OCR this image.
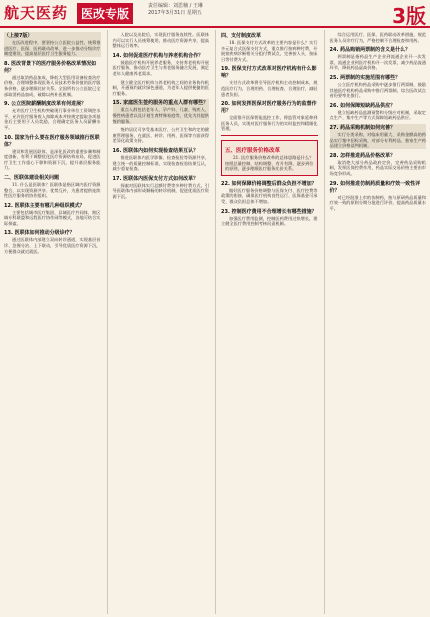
航天医药	医改专版
责任编辑：刘思楠 / 王琳
2017年3月31日 星期五	3版
（上接7版）

在医改进程中，要坚持公立医院公益性，统筹推进医疗、医保、医药联动改革，进一步推动分级诊疗制度建设，提高基层医疗卫生服务能力。

8. 医改背景下的医疗服务价格改革情况如何？

通过取消药品加成，降低大型医用设备检查治疗价格，合理调整体现医务人员技术劳务价值的医疗服务价格，逐步理顺比价关系。全国所有公立医院已全部取消药品加成，破除以药补医机制。

9. 公立医院薪酬制度改革有何进展？

允许医疗卫生机构突破现行事业单位工资调控水平，允许医疗服务收入扣除成本并按规定提取各项基金后主要用于人员奖励，合理确定医务人员薪酬水平。

10. 国家为什么要在医疗服务领域推行医联体？

建设和发展医联体，是深化医改的重要步骤和制度创新，有利于调整优化医疗资源结构布局，促进医疗卫生工作重心下移和资源下沉，提升基层服务能力。

二、医联体建设相关问题

11. 什么是医联体？医联体是指区域内医疗资源整合，以实现资源共享、优势互补，为患者提供连续性医疗服务的协作组织。

12. 医联体主要有哪几种组织模式？

主要包括城市医疗集团、县域医疗共同体、跨区域专科联盟和远程医疗协作网等模式，各地可结合实际探索。

13. 医联体如何推动分级诊疗？

通过医联体内部建立双向转诊通道，实现基层首诊、急慢分治、上下联动，引导优质医疗资源下沉，方便群众就近就医。

入院以及出院后，实现医疗服务连续性。医联体内可以实行人员统筹使用，推动医疗资源共享，提高整体运行效率。

14. 如何促进医疗机构与养老机构合作？

鼓励医疗机构开展养老服务，支持养老机构开展医疗服务，推动医疗卫生与养老服务融合发展，满足老年人健康养老需求。

建立健全医疗机构与养老机构之间的业务协作机制，开通预约就诊绿色通道，为老年人提供便捷的医疗服务。

15. 家庭医生签约服务的重点人群有哪些？

重点人群包括老年人、孕产妇、儿童、残疾人、慢性病患者以及计划生育特殊家庭等，优先为其提供签约服务。

签约居民可享受基本医疗、公共卫生和约定的健康管理服务，在就医、转诊、用药、医保等方面获得差异化政策支持。

16. 医联体内如何实现检查结果互认？

推进医联体内医学影像、检查检验等资源共享，建立统一的质量控制标准，实现检查检验结果互认，减少重复检查。

17. 医联体内医保支付方式如何改革？

探索对医联体实行总额付费等多种付费方式，引导医联体内部形成顺畅的转诊机制，促进优质医疗资源下沉。

四、支付制度改革

18. 医保支付方式改革的主要内容是什么？实行多元复合式医保支付方式，重点推行按病种付费，开展按疾病诊断相关分组付费试点，完善按人头、按床日等付费方式。

19. 医保支付方式改革对医疗机构有什么影响？

支付方式改革将引导医疗机构主动控制成本，规范医疗行为，合理用药、合理检查、合理治疗，减轻患者负担。

20. 如何发挥医保对医疗服务行为的监督作用？

全面推开医保智能监控工作，将监管对象延伸到医务人员，实现对医疗服务行为的实时监控和精细化管理。

五、医疗服务价格改革

21. 医疗服务价格改革的总体思路是什么？按照总量控制、结构调整、有升有降、逐步到位的原则，逐步理顺医疗服务比价关系。

22. 如何保障价格调整后群众负担不增加？

做好医疗服务价格调整与医保支付、医疗控费等政策的衔接，确保医疗机构良性运行、医保基金可承受、群众负担总体不增加。

23. 控制医疗费用不合理增长有哪些措施？

加强医疗费用监测，控制医药费用过快增长，建立健全医疗费用控制考核问责机制。

综合运用医疗、医保、医药联动改革措施，规范医务人员诊疗行为，严格控制不合理检查和用药。

24. 药品购销两票制的含义是什么？

两票制是指药品生产企业到流通企业开一次发票，流通企业到医疗机构开一次发票，减少药品流通环节，降低药品虚高价格。

25. 两票制的实施范围有哪些？

公立医疗机构药品采购中逐步推行两票制，鼓励其他医疗机构药品采购中推行两票制，综合医改试点省份要率先推行。

26. 如何保障短缺药品供应？

建立短缺药品监测预警和分级应对机制，采取定点生产、集中生产等方式保障短缺药品供应。

27. 药品采购机制如何完善？

实行分类采购，对临床用量大、采购金额高的药品实行集中招标采购，对部分专利药品、独家生产药品建立价格谈判机制。

28. 怎样推进药品价格改革？

取消绝大部分药品政府定价，完善药品采购机制，发挥医保控费作用，药品实际交易价格主要由市场竞争形成。

29. 如何推进仿制药质量和疗效一致性评价？

对已经批准上市的仿制药，按与原研药品质量和疗效一致的原则分期分批进行评价，提高药品质量水平。
